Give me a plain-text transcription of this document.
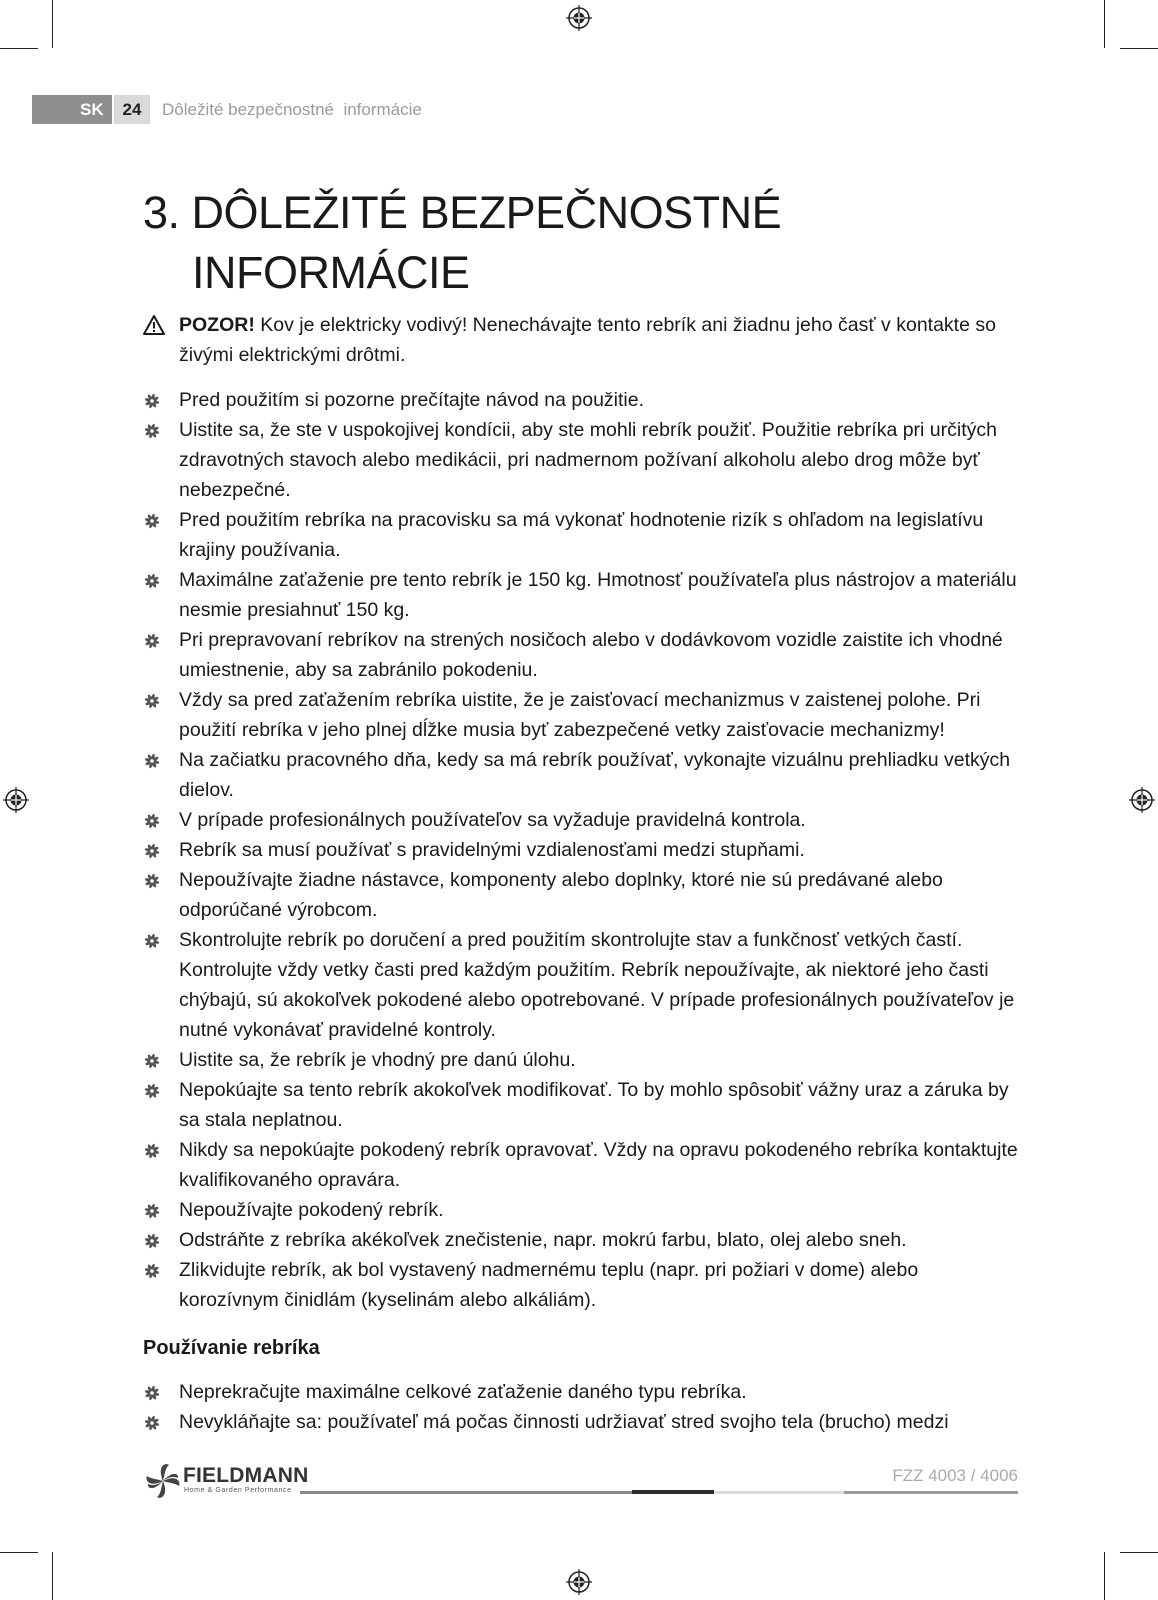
SK	24	Dôležité bezpečnostné  informácie
3. DÔLEŽITÉ BEZPEČNOSTNÉ
INFORMÁCIE
POZOR! Kov je elektricky vodivý! Nenechávajte tento rebrík ani žiadnu jeho časť v kontakte so živými elektrickými drôtmi.
Pred použitím si pozorne prečítajte návod na použitie.
Uistite sa, že ste v uspokojivej kondícii, aby ste mohli rebrík použiť. Použitie rebríka pri určitých zdravotných stavoch alebo medikácii, pri nadmernom požívaní alkoholu alebo drog môže byť nebezpečné.
Pred použitím rebríka na pracovisku sa má vykonať hodnotenie rizík s ohľadom na legislatívu krajiny používania.
Maximálne zaťaženie pre tento rebrík je 150 kg. Hmotnosť používateľa plus nástrojov a materiálu nesmie presiahnuť 150 kg.
Pri prepravovaní rebríkov na strených nosičoch alebo v dodávkovom vozidle zaistite ich vhodné umiestnenie, aby sa zabránilo pokodeniu.
Vždy sa pred zaťažením rebríka uistite, že je zaisťovací mechanizmus v zaistenej polohe. Pri použití rebríka v jeho plnej dĺžke musia byť zabezpečené vetky zaisťovacie mechanizmy!
Na začiatku pracovného dňa, kedy sa má rebrík používať, vykonajte vizuálnu prehliadku vetkých dielov.
V prípade profesionálnych používateľov sa vyžaduje pravidelná kontrola.
Rebrík sa musí používať s pravidelnými vzdialenosťami medzi stupňami.
Nepoužívajte žiadne nástavce, komponenty alebo doplnky, ktoré nie sú predávané alebo odporúčané výrobcom.
Skontrolujte rebrík po doručení a pred použitím skontrolujte stav a funkčnosť vetkých častí. Kontrolujte vždy vetky časti pred každým použitím. Rebrík nepoužívajte, ak niektoré jeho časti chýbajú, sú akokoľvek pokodené alebo opotrebované. V prípade profesionálnych používateľov je nutné vykonávať pravidelné kontroly.
Uistite sa, že rebrík je vhodný pre danú úlohu.
Nepokúajte sa tento rebrík akokoľvek modifikovať. To by mohlo spôsobiť vážny uraz a záruka by sa stala neplatnou.
Nikdy sa nepokúajte pokodený rebrík opravovať. Vždy na opravu pokodeného rebríka kontaktujte kvalifikovaného opravára.
Nepoužívajte pokodený rebrík.
Odstráňte z rebríka akékoľvek znečistenie, napr. mokrú farbu, blato, olej alebo sneh.
Zlikvidujte rebrík, ak bol vystavený nadmernému teplu (napr. pri požiari v dome) alebo korozívnym činidlám (kyselinám alebo alkáliám).
Používanie rebríka
Neprekračujte maximálne celkové zaťaženie daného typu rebríka.
Nevykláňajte sa: používateľ má počas činnosti udržiavať stred svojho tela (brucho) medzi
FIELDMANN
Home & Garden Performance
FZZ 4003 / 4006
